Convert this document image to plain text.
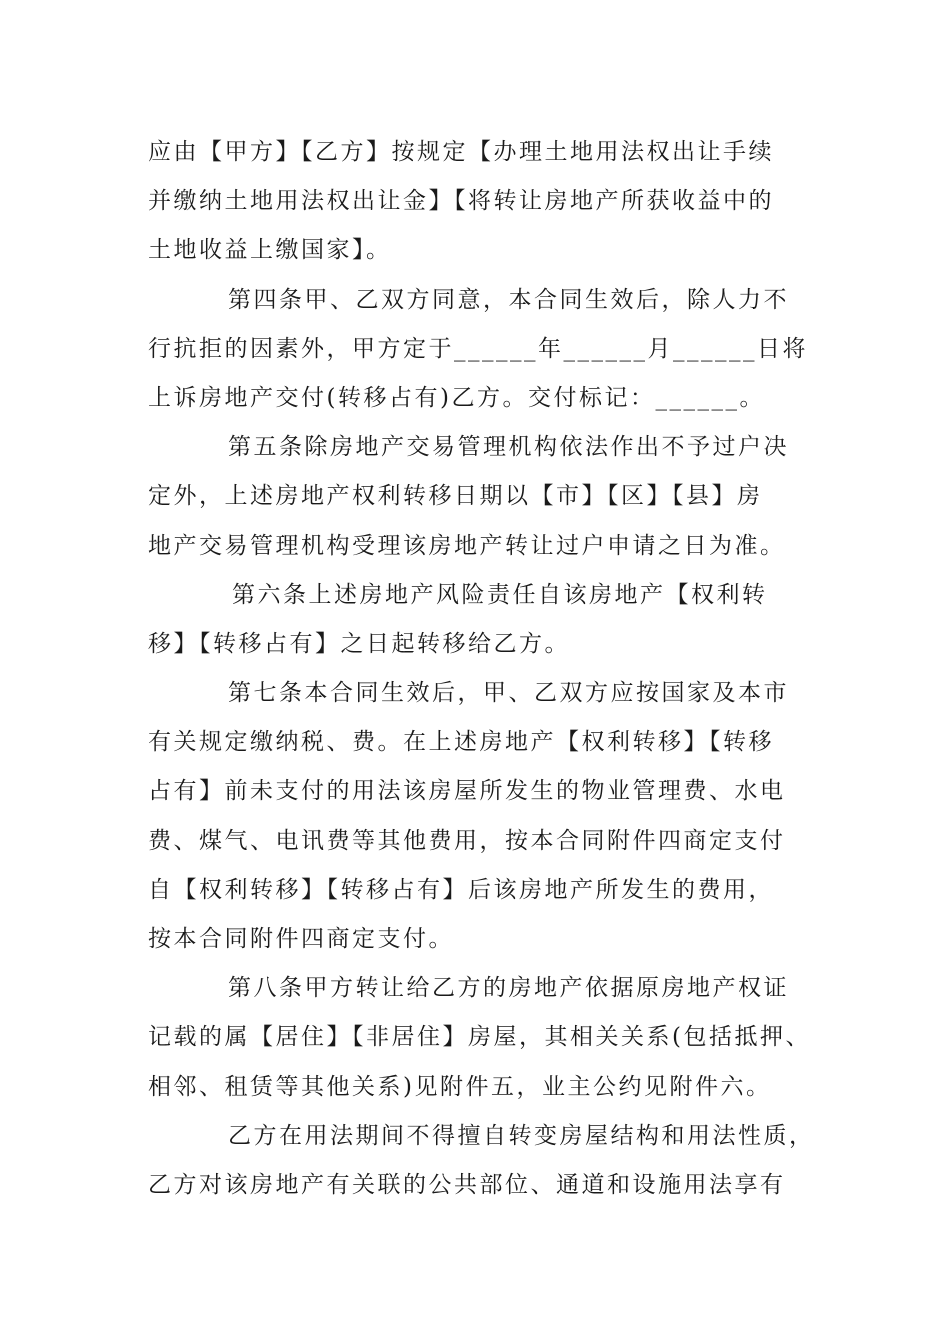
应由【甲方】【乙方】按规定【办理土地用法权出让手续
并缴纳土地用法权出让金】【将转让房地产所获收益中的
土地收益上缴国家】。
第四条甲、乙双方同意，本合同生效后，除人力不
行抗拒的因素外，甲方定于______年______月______日将
上诉房地产交付(转移占有)乙方。交付标记：______。
第五条除房地产交易管理机构依法作出不予过户决
定外，上述房地产权利转移日期以【市】【区】【县】房
地产交易管理机构受理该房地产转让过户申请之日为准。
第六条上述房地产风险责任自该房地产【权利转
移】【转移占有】之日起转移给乙方。
第七条本合同生效后，甲、乙双方应按国家及本市
有关规定缴纳税、费。在上述房地产【权利转移】【转移
占有】前未支付的用法该房屋所发生的物业管理费、水电
费、煤气、电讯费等其他费用，按本合同附件四商定支付
自【权利转移】【转移占有】后该房地产所发生的费用，
按本合同附件四商定支付。
第八条甲方转让给乙方的房地产依据原房地产权证
记载的属【居住】【非居住】房屋，其相关关系(包括抵押、
相邻、租赁等其他关系)见附件五，业主公约见附件六。
乙方在用法期间不得擅自转变房屋结构和用法性质，
乙方对该房地产有关联的公共部位、通道和设施用法享有
